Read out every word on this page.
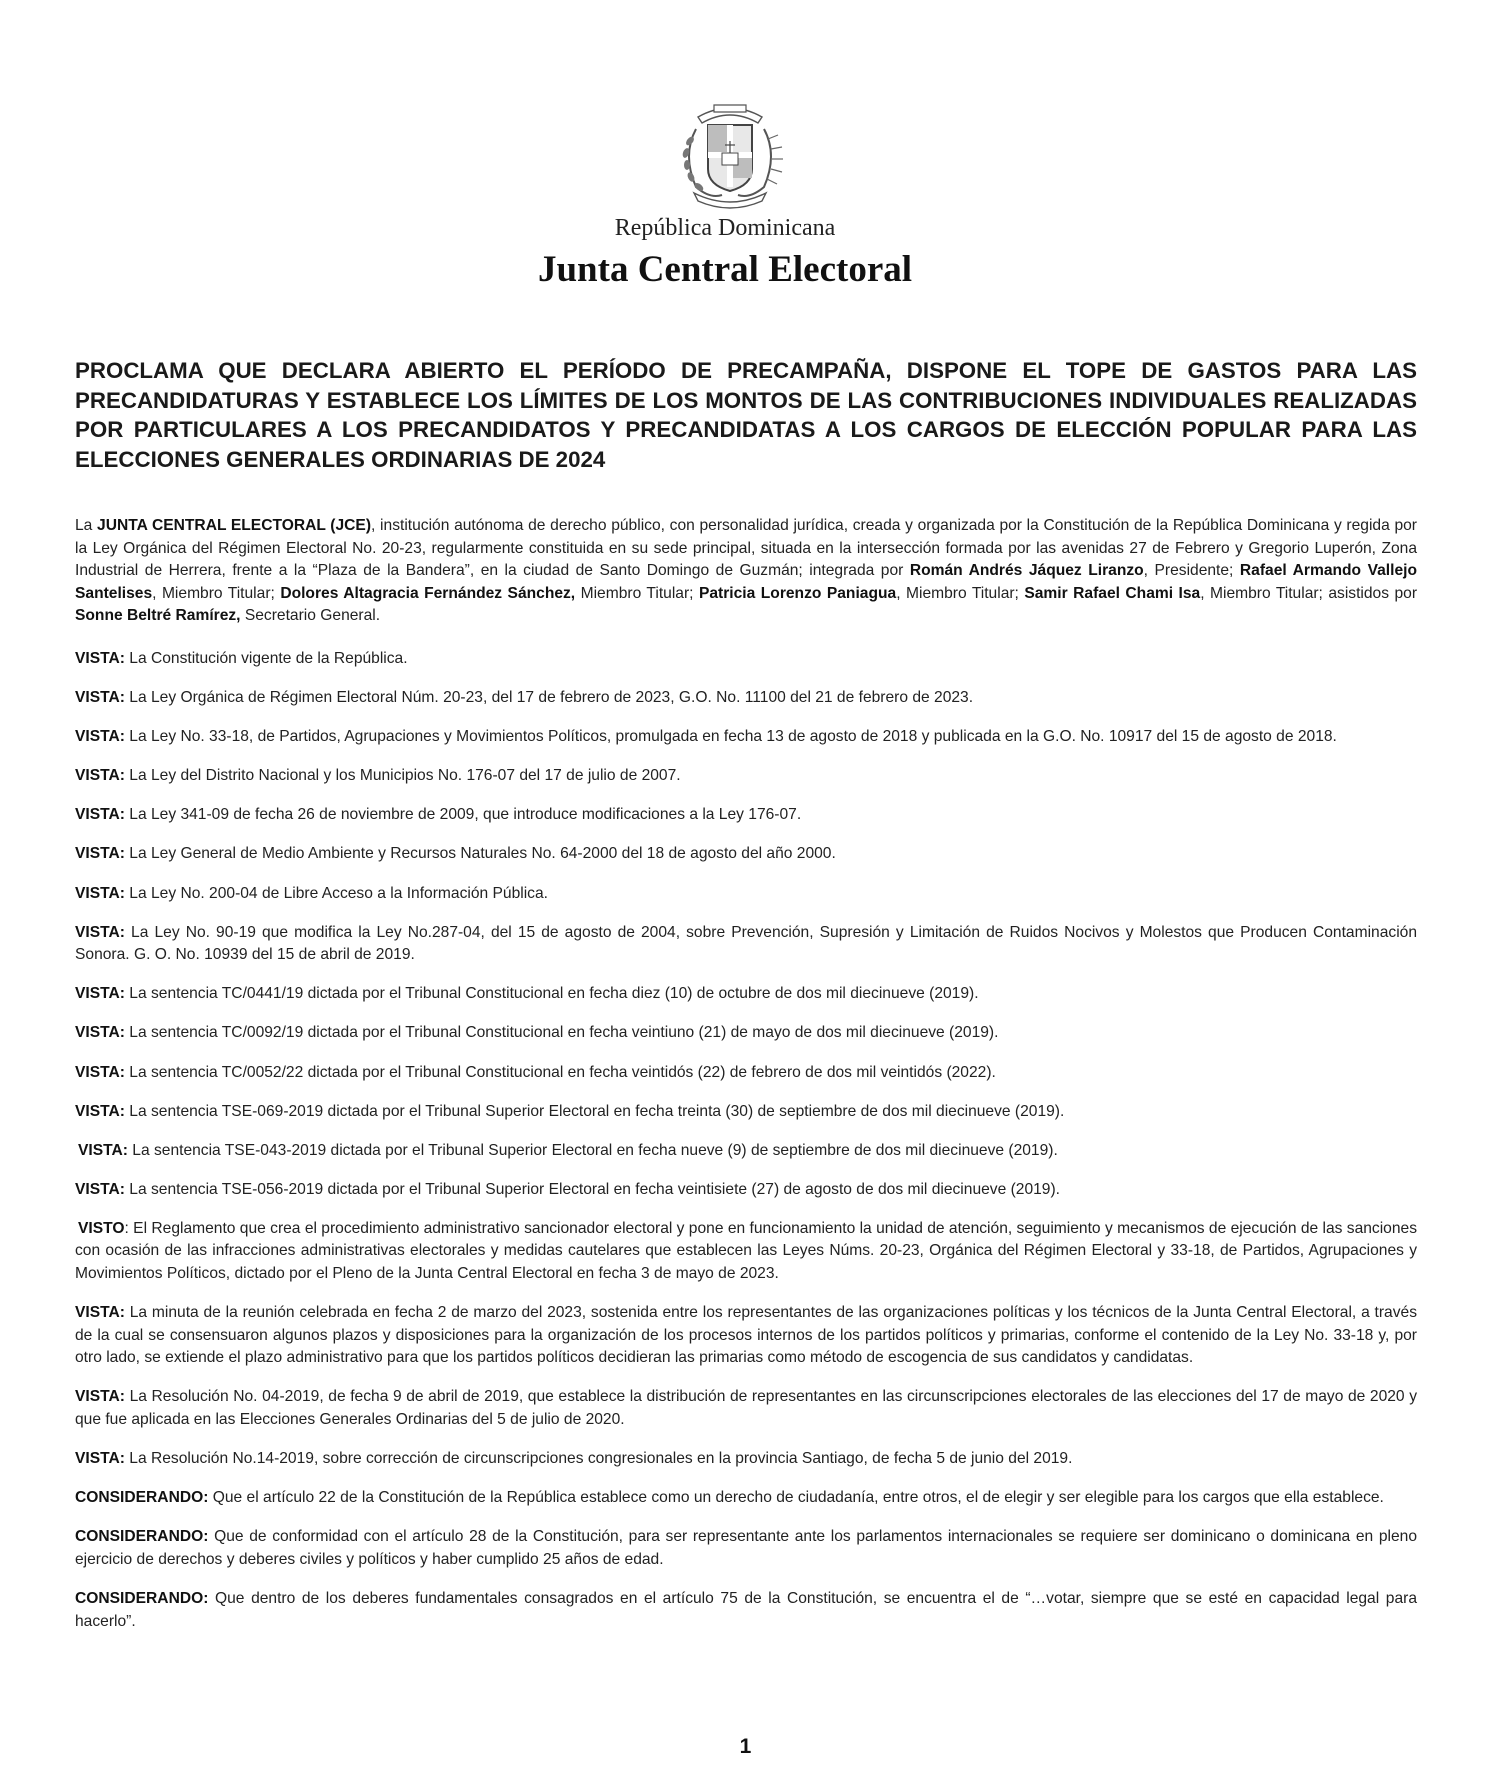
República Dominicana
Junta Central Electoral
PROCLAMA QUE DECLARA ABIERTO EL PERÍODO DE PRECAMPAÑA, DISPONE EL TOPE DE GASTOS PARA LAS PRECANDIDATURAS Y ESTABLECE LOS LÍMITES DE LOS MONTOS DE LAS CONTRIBUCIONES INDIVIDUALES REALIZADAS POR PARTICULARES A LOS PRECANDIDATOS Y PRECANDIDATAS A LOS CARGOS DE ELECCIÓN POPULAR PARA LAS ELECCIONES GENERALES ORDINARIAS DE 2024

La JUNTA CENTRAL ELECTORAL (JCE), institución autónoma de derecho público, con personalidad jurídica, creada y organizada por la Constitución de la República Dominicana y regida por la Ley Orgánica del Régimen Electoral No. 20-23, regularmente constituida en su sede principal, situada en la intersección formada por las avenidas 27 de Febrero y Gregorio Luperón, Zona Industrial de Herrera, frente a la “Plaza de la Bandera”, en la ciudad de Santo Domingo de Guzmán; integrada por Román Andrés Jáquez Liranzo, Presidente; Rafael Armando Vallejo Santelises, Miembro Titular; Dolores Altagracia Fernández Sánchez, Miembro Titular; Patricia Lorenzo Paniagua, Miembro Titular; Samir Rafael Chami Isa, Miembro Titular; asistidos por Sonne Beltré Ramírez, Secretario General.

VISTA: La Constitución vigente de la República.

VISTA: La Ley Orgánica de Régimen Electoral Núm. 20-23, del 17 de febrero de 2023, G.O. No. 11100 del 21 de febrero de 2023.

VISTA: La Ley No. 33-18, de Partidos, Agrupaciones y Movimientos Políticos, promulgada en fecha 13 de agosto de 2018 y publicada en la G.O. No. 10917 del 15 de agosto de 2018.

VISTA: La Ley del Distrito Nacional y los Municipios No. 176-07 del 17 de julio de 2007.

VISTA: La Ley 341-09 de fecha 26 de noviembre de 2009, que introduce modificaciones a la Ley 176-07.

VISTA: La Ley General de Medio Ambiente y Recursos Naturales No. 64-2000 del 18 de agosto del año 2000.

VISTA: La Ley No. 200-04 de Libre Acceso a la Información Pública.

VISTA: La Ley No. 90-19 que modifica la Ley No.287-04, del 15 de agosto de 2004, sobre Prevención, Supresión y Limitación de Ruidos Nocivos y Molestos que Producen Contaminación Sonora. G. O. No. 10939 del 15 de abril de 2019.

VISTA: La sentencia TC/0441/19 dictada por el Tribunal Constitucional en fecha diez (10) de octubre de dos mil diecinueve (2019).

VISTA: La sentencia TC/0092/19 dictada por el Tribunal Constitucional en fecha veintiuno (21) de mayo de dos mil diecinueve (2019).

VISTA: La sentencia TC/0052/22 dictada por el Tribunal Constitucional en fecha veintidós (22) de febrero de dos mil veintidós (2022).

VISTA: La sentencia TSE-069-2019 dictada por el Tribunal Superior Electoral en fecha treinta (30) de septiembre de dos mil diecinueve (2019).

VISTA: La sentencia TSE-043-2019 dictada por el Tribunal Superior Electoral en fecha nueve (9) de septiembre de dos mil diecinueve (2019).

VISTA: La sentencia TSE-056-2019 dictada por el Tribunal Superior Electoral en fecha veintisiete (27) de agosto de dos mil diecinueve (2019).

VISTO: El Reglamento que crea el procedimiento administrativo sancionador electoral y pone en funcionamiento la unidad de atención, seguimiento y mecanismos de ejecución de las sanciones con ocasión de las infracciones administrativas electorales y medidas cautelares que establecen las Leyes Núms. 20-23, Orgánica del Régimen Electoral y 33-18, de Partidos, Agrupaciones y Movimientos Políticos, dictado por el Pleno de la Junta Central Electoral en fecha 3 de mayo de 2023.

VISTA: La minuta de la reunión celebrada en fecha 2 de marzo del 2023, sostenida entre los representantes de las organizaciones políticas y los técnicos de la Junta Central Electoral, a través de la cual se consensuaron algunos plazos y disposiciones para la organización de los procesos internos de los partidos políticos y primarias, conforme el contenido de la Ley No. 33-18 y, por otro lado, se extiende el plazo administrativo para que los partidos políticos decidieran las primarias como método de escogencia de sus candidatos y candidatas.

VISTA: La Resolución No. 04-2019, de fecha 9 de abril de 2019, que establece la distribución de representantes en las circunscripciones electorales de las elecciones del 17 de mayo de 2020 y que fue aplicada en las Elecciones Generales Ordinarias del 5 de julio de 2020.

VISTA: La Resolución No.14-2019, sobre corrección de circunscripciones congresionales en la provincia Santiago, de fecha 5 de junio del 2019.

CONSIDERANDO: Que el artículo 22 de la Constitución de la República establece como un derecho de ciudadanía, entre otros, el de elegir y ser elegible para los cargos que ella establece.

CONSIDERANDO: Que de conformidad con el artículo 28 de la Constitución, para ser representante ante los parlamentos internacionales se requiere ser dominicano o dominicana en pleno ejercicio de derechos y deberes civiles y políticos y haber cumplido 25 años de edad.

CONSIDERANDO: Que dentro de los deberes fundamentales consagrados en el artículo 75 de la Constitución, se encuentra el de “…votar, siempre que se esté en capacidad legal para hacerlo”.

1
